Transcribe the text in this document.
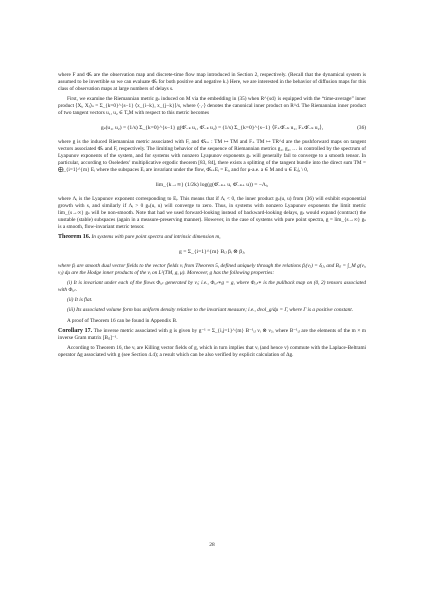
where F and Φ̂ₖ are the observation map and discrete-time flow map introduced in Section 2, respectively. (Recall that the dynamical system is assumed to be invertible so we can evaluate Φ̂ₖ for both positive and negative k.) Here, we are interested in the behavior of diffusion maps for this class of observation maps at large numbers of delays s.

First, we examine the Riemannian metric gₛ induced on M via the embedding in (35) when R^{sd} is equipped with the “time-average” inner product ⟨Xᵢ, Xⱼ⟩ₛ = Σ_{k=0}^{s−1} ⟨x_{i−k}, x_{j−k}⟩/s, where ⟨·,·⟩ denotes the canonical inner product on R^d. The Riemannian inner product of two tangent vectors u₁, u₂ ∈ TₓM with respect to this metric becomes

gₛ(u₁, u₂) = (1/s) Σ_{k=0}^{s−1} g(Φ̂₋ₖ u₁, Φ̂₋ₖ u₂) = (1/s) Σ_{k=0}^{s−1} ⟨F₊Φ̂₋ₖ u₁, F₊Φ̂₋ₖ u₂⟩,	(36)

where g is the induced Riemannian metric associated with F, and Φ̂ₖ₊ : TM ↦ TM and F₊ TM ↦ TR^d are the pushforward maps on tangent vectors associated Φ̂ₖ and F, respectively. The limiting behavior of the sequence of Riemannian metrics g₁, g₂, … is controlled by the spectrum of Lyapunov exponents of the system, and for systems with nonzero Lyapunov exponents gₛ will generally fail to converge to a smooth tensor. In particular, according to Oseledets’ multiplicative ergodic theorem [83, 84], there exists a splitting of the tangent bundle into the direct sum TM = ⨁_{i=1}^{m} Eᵢ where the subspaces Eᵢ are invariant under the flow, Φ̂ₖ₊Eᵢ = Eᵢ, and for μ-a.e. a ∈ M and u ∈ Eᵢ|ₐ \ 0,

lim_{k→∞} (1/2k) log(g(Φ̂₋ₖ₊ u, Φ̂₋ₖ₊ u)) = −Λᵢ,

where Λᵢ is the Lyapunov exponent corresponding to Eᵢ. This means that if Λᵢ < 0, the inner product gₛ(u, u) from (36) will exhibit exponential growth with s, and similarly if Λᵢ > 0 gₛ(u, u) will converge to zero. Thus, in systems with nonzero Lyapunov exponents the limit metric lim_{s→∞} gₛ will be non-smooth. Note that had we used forward-looking instead of backward-looking delays, gₛ would expand (contract) the unstable (stable) subspaces (again in a measure-preserving manner). However, in the case of systems with pure point spectra, g = lim_{s→∞} gₛ is a smooth, flow-invariant metric tensor.

Theorem 16. In systems with pure point spectra and intrinsic dimension m,

g = Σ_{i=1}^{m} Bᵢⱼ βᵢ ⊗ βⱼ,

where βᵢ are smooth dual vector fields to the vector fields vᵢ from Theorem 5, defined uniquely through the relations βᵢ(vⱼ) = δᵢⱼ, and Bᵢⱼ = ∫_M g(vᵢ, vⱼ) dμ are the Hodge inner products of the vᵢ on L²(TM, g, μ). Moreover, g has the following properties:

(i) It is invariant under each of the flows Φᵢ,ₜ generated by vᵢ; i.e., Φᵢ,ₜ∗g = g, where Φᵢ,ₜ∗ is the pullback map on (0, 2) tensors associated with Φᵢ,ₜ.

(ii) It is flat.

(iii) Its associated volume form has uniform density relative to the invariant measure; i.e., dvol_g/dμ = Γ, where Γ is a positive constant.

A proof of Theorem 16 can be found in Appendix B.

Corollary 17. The inverse metric associated with g is given by g⁻¹ = Σ_{i,j=1}^{m} B⁻¹ᵢⱼ vᵢ ⊗ vⱼ, where B⁻¹ᵢⱼ are the elements of the m × m inverse Gram matrix [Bᵢⱼ]⁻¹.

According to Theorem 16, the vᵢ are Killing vector fields of g, which in turn implies that vᵢ (and hence v) commute with the Laplace-Beltrami operator Δg associated with g (see Section 4.4); a result which can be also verified by explicit calculation of Δg.

28
